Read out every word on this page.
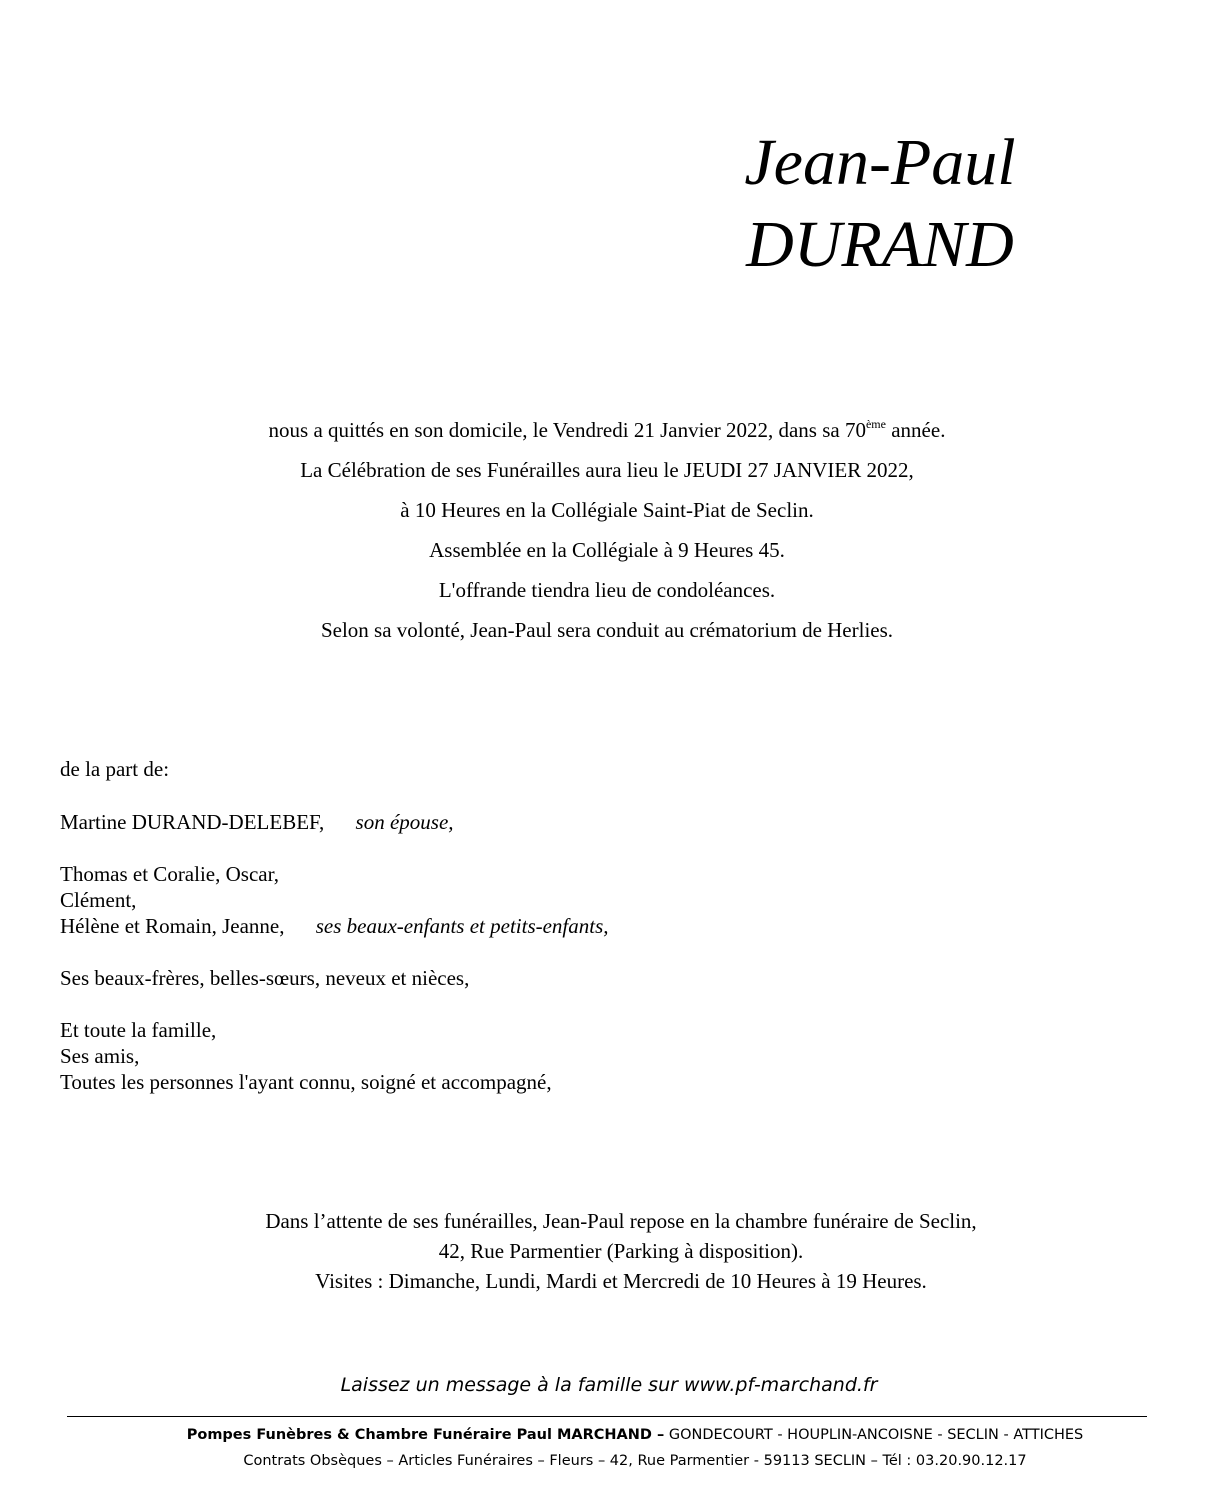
Jean-Paul
DURAND
nous a quittés en son domicile, le Vendredi 21 Janvier 2022, dans sa 70ème année.
La Célébration de ses Funérailles aura lieu le JEUDI 27 JANVIER 2022,
à 10 Heures en la Collégiale Saint-Piat de Seclin.
Assemblée en la Collégiale à 9 Heures 45.
L'offrande tiendra lieu de condoléances.
Selon sa volonté, Jean-Paul sera conduit au crématorium de Herlies.
de la part de:
Martine DURAND-DELEBEF, son épouse,
Thomas et Coralie, Oscar,
Clément,
Hélène et Romain, Jeanne, ses beaux-enfants et petits-enfants,
Ses beaux-frères, belles-sœurs, neveux et nièces,
Et toute la famille,
Ses amis,
Toutes les personnes l'ayant connu, soigné et accompagné,
Dans l’attente de ses funérailles, Jean-Paul repose en la chambre funéraire de Seclin,
42, Rue Parmentier (Parking à disposition).
Visites : Dimanche, Lundi, Mardi et Mercredi de 10 Heures à 19 Heures.
Laissez un message à la famille sur www.pf-marchand.fr
Pompes Funèbres & Chambre Funéraire Paul MARCHAND – GONDECOURT - HOUPLIN-ANCOISNE - SECLIN - ATTICHES
Contrats Obsèques – Articles Funéraires – Fleurs – 42, Rue Parmentier - 59113 SECLIN – Tél : 03.20.90.12.17
